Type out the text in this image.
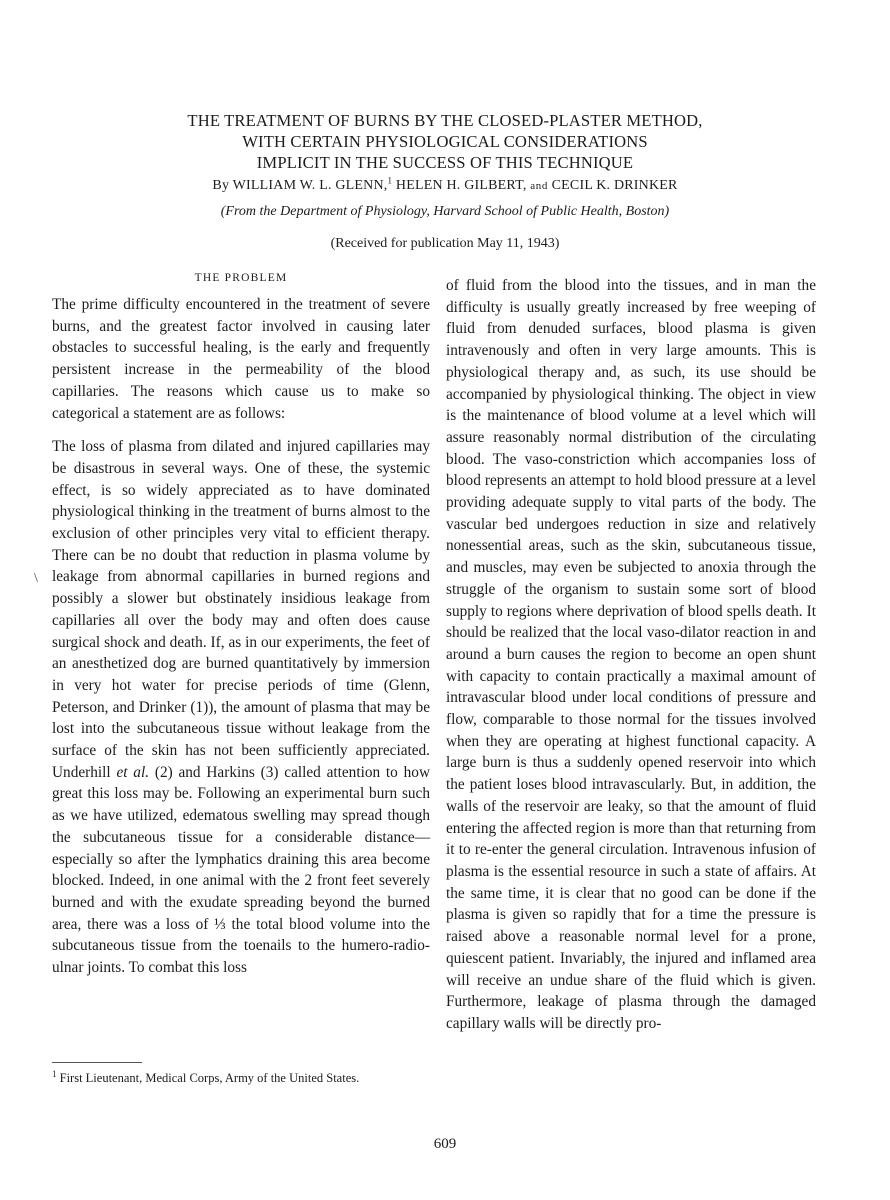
THE TREATMENT OF BURNS BY THE CLOSED-PLASTER METHOD,
WITH CERTAIN PHYSIOLOGICAL CONSIDERATIONS
IMPLICIT IN THE SUCCESS OF THIS TECHNIQUE
By WILLIAM W. L. GLENN,$^1$ HELEN H. GILBERT, and CECIL K. DRINKER
(From the Department of Physiology, Harvard School of Public Health, Boston)
(Received for publication May 11, 1943)
\
THE PROBLEM

The prime difficulty encountered in the treatment of severe burns, and the greatest factor involved in causing later obstacles to successful healing, is the early and frequently persistent increase in the permeability of the blood capillaries. The reasons which cause us to make so categorical a statement are as follows:

The loss of plasma from dilated and injured capillaries may be disastrous in several ways. One of these, the systemic effect, is so widely appreciated as to have dominated physiological thinking in the treatment of burns almost to the exclusion of other principles very vital to efficient therapy. There can be no doubt that reduction in plasma volume by leakage from abnormal capillaries in burned regions and possibly a slower but obstinately insidious leakage from capillaries all over the body may and often does cause surgical shock and death. If, as in our experiments, the feet of an anesthetized dog are burned quantitatively by immersion in very hot water for precise periods of time (Glenn, Peterson, and Drinker (1)), the amount of plasma that may be lost into the subcutaneous tissue without leakage from the surface of the skin has not been sufficiently appreciated. Underhill et al. (2) and Harkins (3) called attention to how great this loss may be. Following an experimental burn such as we have utilized, edematous swelling may spread though the subcutaneous tissue for a considerable distance—especially so after the lymphatics draining this area become blocked. Indeed, in one animal with the 2 front feet severely burned and with the exudate spreading beyond the burned area, there was a loss of ⅓ the total blood volume into the subcutaneous tissue from the toenails to the humero-radio-ulnar joints. To combat this loss

of fluid from the blood into the tissues, and in man the difficulty is usually greatly increased by free weeping of fluid from denuded surfaces, blood plasma is given intravenously and often in very large amounts. This is physiological therapy and, as such, its use should be accompanied by physiological thinking. The object in view is the maintenance of blood volume at a level which will assure reasonably normal distribution of the circulating blood. The vaso-constriction which accompanies loss of blood represents an attempt to hold blood pressure at a level providing adequate supply to vital parts of the body. The vascular bed undergoes reduction in size and relatively nonessential areas, such as the skin, subcutaneous tissue, and muscles, may even be subjected to anoxia through the struggle of the organism to sustain some sort of blood supply to regions where deprivation of blood spells death. It should be realized that the local vaso-dilator reaction in and around a burn causes the region to become an open shunt with capacity to contain practically a maximal amount of intravascular blood under local conditions of pressure and flow, comparable to those normal for the tissues involved when they are operating at highest functional capacity. A large burn is thus a suddenly opened reservoir into which the patient loses blood intravascularly. But, in addition, the walls of the reservoir are leaky, so that the amount of fluid entering the affected region is more than that returning from it to re-enter the general circulation. Intravenous infusion of plasma is the essential resource in such a state of affairs. At the same time, it is clear that no good can be done if the plasma is given so rapidly that for a time the pressure is raised above a reasonable normal level for a prone, quiescent patient. Invariably, the injured and inflamed area will receive an undue share of the fluid which is given. Furthermore, leakage of plasma through the damaged capillary walls will be directly pro-

$^1$ First Lieutenant, Medical Corps, Army of the United States.
609
